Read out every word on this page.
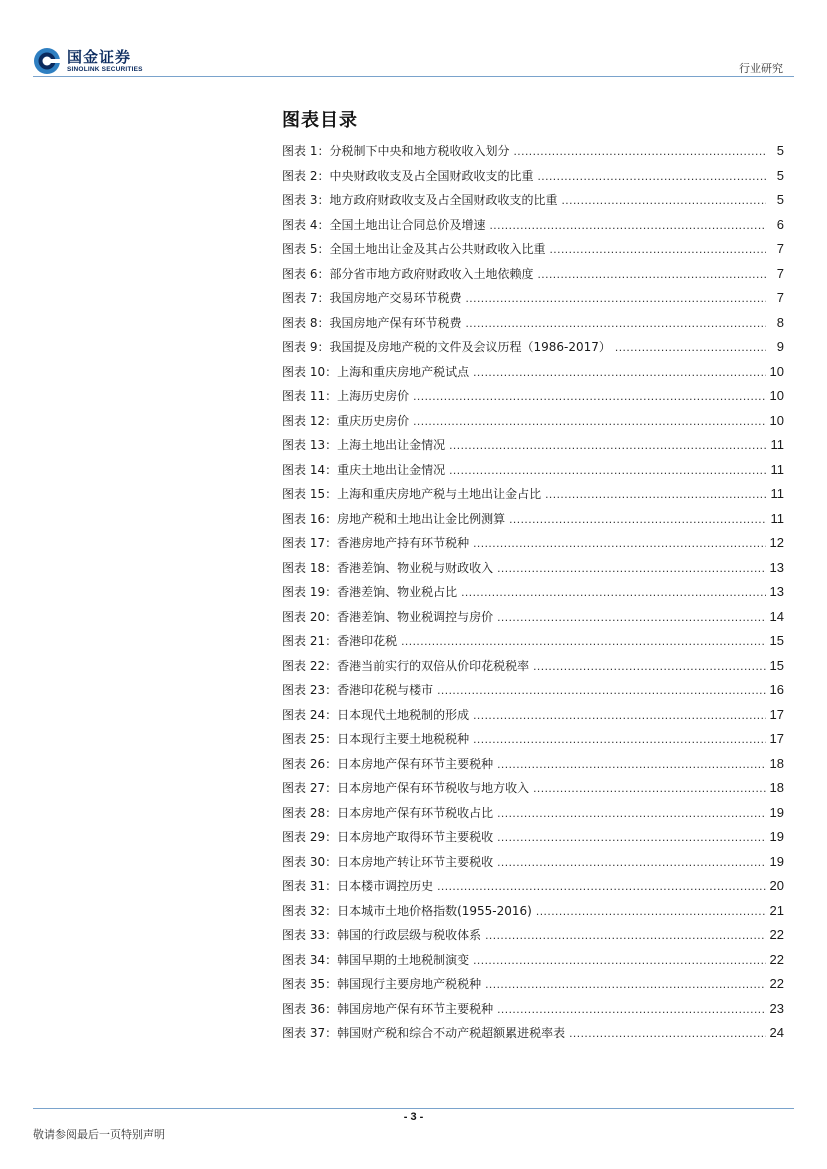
国金证券
SINOLINK SECURITIES	行业研究
图表目录
图表 1：分税制下中央和地方税收收入划分 .....	5
图表 2：中央财政收支及占全国财政收支的比重 .....	5
图表 3：地方政府财政收支及占全国财政收支的比重 .....	5
图表 4：全国土地出让合同总价及增速 .....	6
图表 5：全国土地出让金及其占公共财政收入比重 .....	7
图表 6：部分省市地方政府财政收入土地依赖度 .....	7
图表 7：我国房地产交易环节税费 .....	7
图表 8：我国房地产保有环节税费 .....	8
图表 9：我国提及房地产税的文件及会议历程（1986-2017） .....	9
图表 10：上海和重庆房地产税试点 .....	10
图表 11：上海历史房价 .....	10
图表 12：重庆历史房价 .....	10
图表 13：上海土地出让金情况 .....	11
图表 14：重庆土地出让金情况 .....	11
图表 15：上海和重庆房地产税与土地出让金占比 .....	11
图表 16：房地产税和土地出让金比例测算 .....	11
图表 17：香港房地产持有环节税种 .....	12
图表 18：香港差饷、物业税与财政收入 .....	13
图表 19：香港差饷、物业税占比 .....	13
图表 20：香港差饷、物业税调控与房价 .....	14
图表 21：香港印花税 .....	15
图表 22：香港当前实行的双倍从价印花税税率 .....	15
图表 23：香港印花税与楼市 .....	16
图表 24：日本现代土地税制的形成 .....	17
图表 25：日本现行主要土地税税种 .....	17
图表 26：日本房地产保有环节主要税种 .....	18
图表 27：日本房地产保有环节税收与地方收入 .....	18
图表 28：日本房地产保有环节税收占比 .....	19
图表 29：日本房地产取得环节主要税收 .....	19
图表 30：日本房地产转让环节主要税收 .....	19
图表 31：日本楼市调控历史 .....	20
图表 32：日本城市土地价格指数(1955-2016) .....	21
图表 33：韩国的行政层级与税收体系 .....	22
图表 34：韩国早期的土地税制演变 .....	22
图表 35：韩国现行主要房地产税税种 .....	22
图表 36：韩国房地产保有环节主要税种 .....	23
图表 37：韩国财产税和综合不动产税超额累进税率表 .....	24
- 3 -
敬请参阅最后一页特别声明
